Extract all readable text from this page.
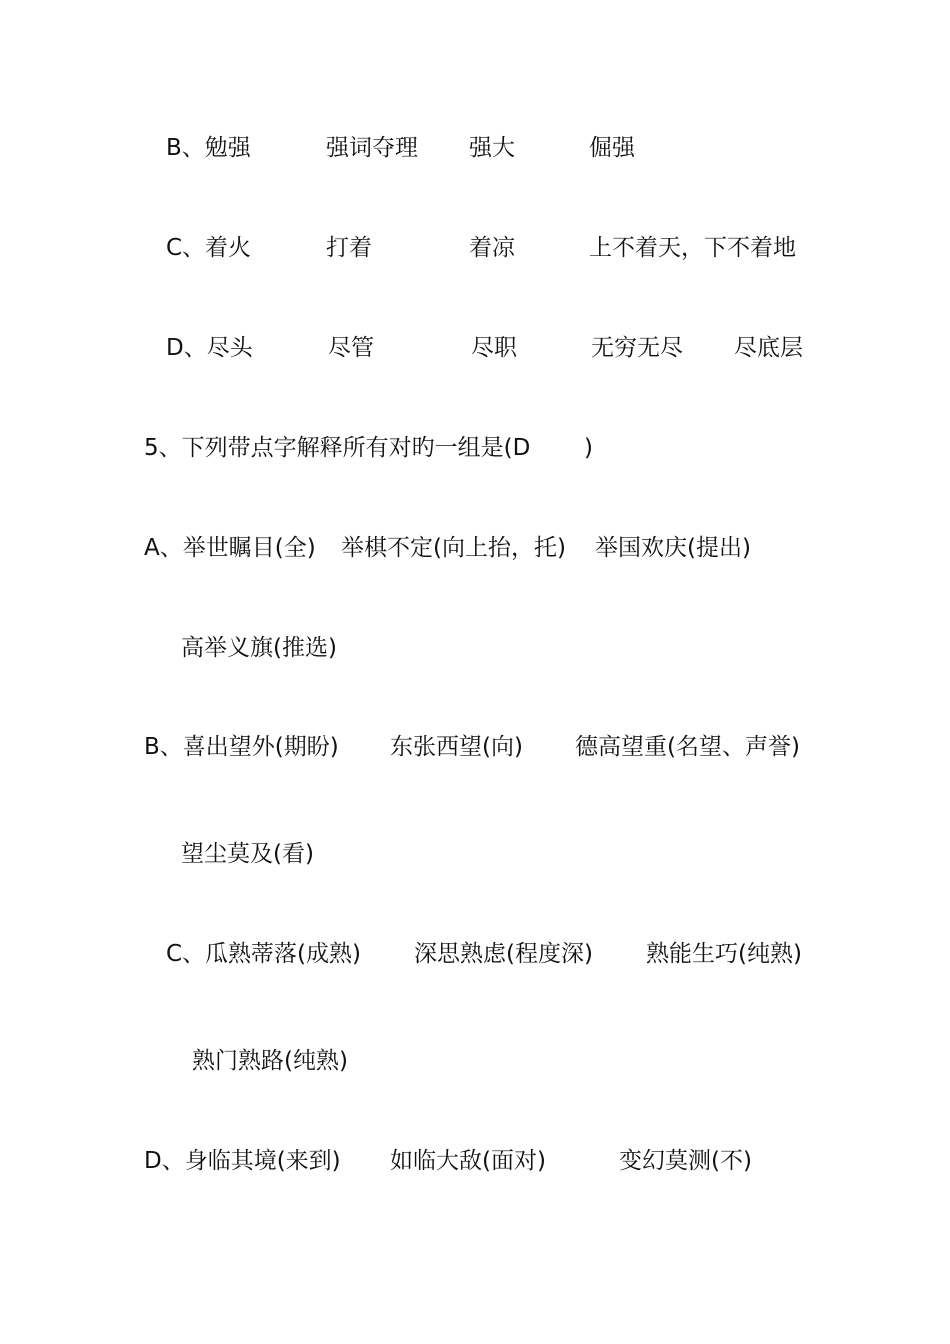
B、勉强	强词夺理 强大	倔强
C、着火	打着	着凉	上不着天，下不着地
D、尽头	尽管	尽职	无穷无尽 尽底层
5、下列带点字解释所有对旳一组是(D )
A、举世瞩目(全) 举棋不定(向上抬，托) 举国欢庆(提出)
高举义旗(推选)
B、喜出望外(期盼) 东张西望(向) 德高望重(名望、声誉)
望尘莫及(看)
C、瓜熟蒂落(成熟) 深思熟虑(程度深) 熟能生巧(纯熟)
熟门熟路(纯熟)
D、身临其境(来到) 如临大敌(面对)	变幻莫测(不)
